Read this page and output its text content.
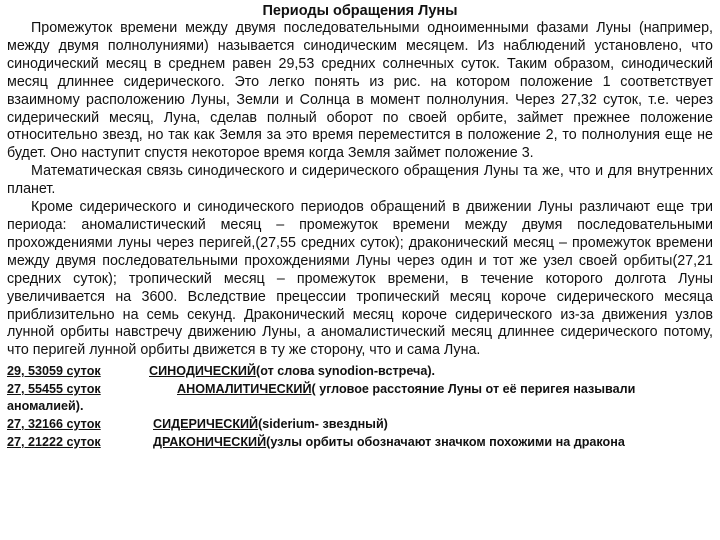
Периоды обращения Луны

Промежуток времени между двумя последовательными одноименными фазами Луны (например, между двумя полнолуниями) называется синодическим месяцем. Из наблюдений установлено, что синодический месяц в среднем равен 29,53 средних солнечных суток. Таким образом, синодический месяц длиннее сидерического. Это легко понять из рис. на котором положение 1 соответствует взаимному расположению Луны, Земли и Солнца в момент полнолуния. Через 27,32 суток, т.е. через сидерический месяц, Луна, сделав полный оборот по своей орбите, займет прежнее положение относительно звезд, но так как Земля за это время переместится в положение 2, то полнолуния еще не будет. Оно наступит спустя некоторое время когда Земля займет положение 3.

Математическая связь синодического и сидерического обращения Луны та же, что и для внутренних планет.

Кроме сидерического и синодического периодов обращений в движении Луны различают еще три периода: аномалистический месяц – промежуток времени между двумя последовательными прохождениями луны через перигей,(27,55 средних суток); драконический месяц – промежуток времени между двумя последовательными прохождениями Луны через один и тот же узел своей орбиты(27,21 средних суток); тропический месяц – промежуток времени, в течение которого долгота Луны увеличивается на 3600. Вследствие прецессии тропический месяц короче сидерического месяца приблизительно на семь секунд. Драконический месяц короче сидерического из-за движения узлов лунной орбиты навстречу движению Луны, а аномалистический месяц длиннее сидерического потому, что перигей лунной орбиты движется в ту же сторону, что и сама Луна.

29, 53059 суток	СИНОДИЧЕСКИЙ(от слова synodion-встреча).

27, 55455 суток	АНОМАЛИТИЧЕСКИЙ( угловое расстояние Луны от её перигея называли аномалией).

27, 32166 суток	СИДЕРИЧЕСКИЙ(siderium- звездный)

27, 21222 суток	ДРАКОНИЧЕСКИЙ(узлы орбиты обозначают значком похожими на дракона
